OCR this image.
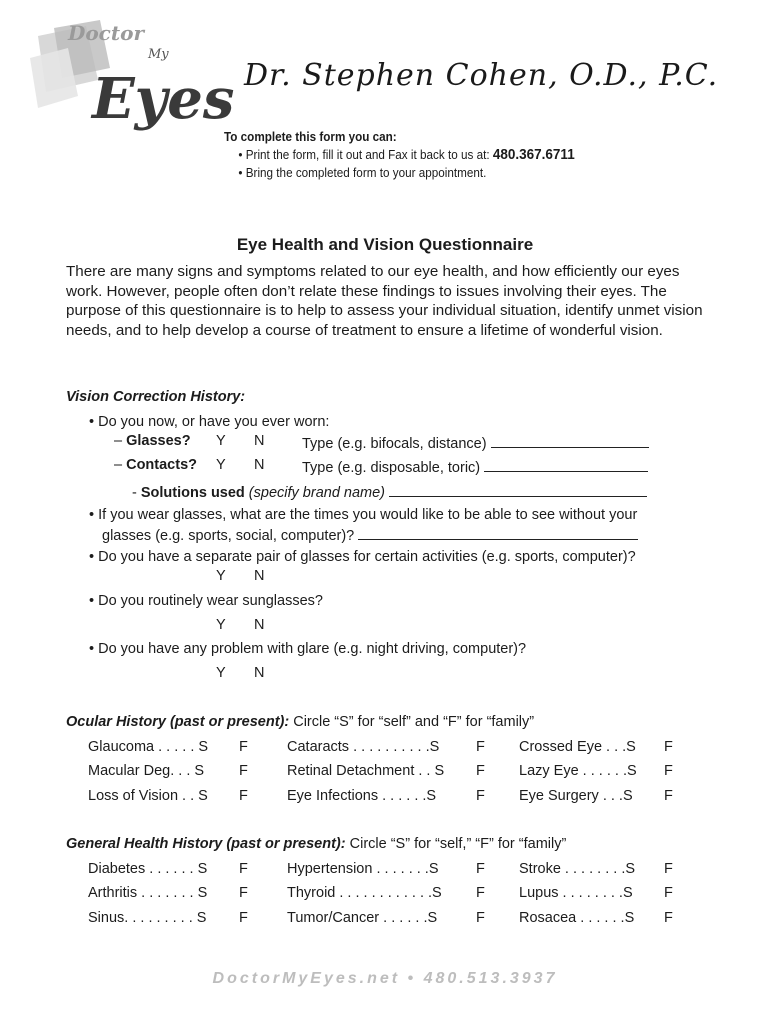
Doctor
My
Eyes Dr. Stephen Cohen, O.D., P.C.
To complete this form you can:
• Print the form, fill it out and Fax it back to us at: 480.367.6711
• Bring the completed form to your appointment.
Eye Health and Vision Questionnaire
There are many signs and symptoms related to our eye health, and how efficiently our eyes work. However, people often don’t relate these findings to issues involving their eyes. The purpose of this questionnaire is to help to assess your individual situation, identify unmet vision needs, and to help develop a course of treatment to ensure a lifetime of wonderful vision.
Vision Correction History:
• Do you now, or have you ever worn:
– Glasses? Y N	Type (e.g. bifocals, distance)
– Contacts? Y N	Type (e.g. disposable, toric)
- Solutions used (specify brand name)
• If you wear glasses, what are the times you would like to be able to see without your
glasses (e.g. sports, social, computer)?
• Do you have a separate pair of glasses for certain activities (e.g. sports, computer)?
Y N
• Do you routinely wear sunglasses?
Y N
• Do you have any problem with glare (e.g. night driving, computer)?
Y N
Ocular History (past or present): Circle “S” for “self” and “F” for “family”
Glaucoma . . . . . S F	Cataracts . . . . . . . . . .S	F Crossed Eye . . .S F
Macular Deg. . . S F	Retinal Detachment . . S F Lazy Eye . . . . . .S F
Loss of Vision . . S F	Eye Infections . . . . . .S	F Eye Surgery . . .S F
General Health History (past or present): Circle “S” for “self,” “F” for “family”
Diabetes . . . . . . S F	Hypertension . . . . . . .S	F Stroke . . . . . . . .S F
Arthritis . . . . . . . S F	Thyroid . . . . . . . . . . . .S F Lupus . . . . . . . .S F
Sinus. . . . . . . . . S F	Tumor/Cancer . . . . . .S	F Rosacea . . . . . .S F
DoctorMyEyes.net • 480.513.3937
